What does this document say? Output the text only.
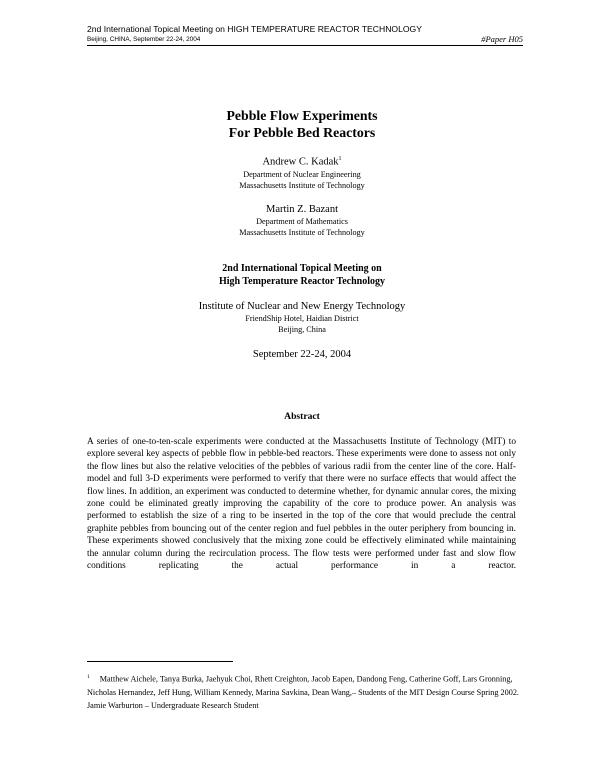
2nd International Topical Meeting on HIGH TEMPERATURE REACTOR TECHNOLOGY
Beijing, CHINA, September 22-24, 2004	#Paper H05
Pebble Flow Experiments
For Pebble Bed Reactors
Andrew C. Kadak$^1$
Department of Nuclear Engineering
Massachusetts Institute of Technology
Martin Z. Bazant
Department of Mathematics
Massachusetts Institute of Technology
2nd International Topical Meeting on
High Temperature Reactor Technology
Institute of Nuclear and New Energy Technology
FriendShip Hotel, Haidian District
Beijing, China
September 22-24, 2004
Abstract
A series of one-to-ten-scale experiments were conducted at the Massachusetts Institute of Technology (MIT) to explore several key aspects of pebble flow in pebble-bed reactors. These experiments were done to assess not only the flow lines but also the relative velocities of the pebbles of various radii from the center line of the core. Half-model and full 3-D experiments were performed to verify that there were no surface effects that would affect the flow lines. In addition, an experiment was conducted to determine whether, for dynamic annular cores, the mixing zone could be eliminated greatly improving the capability of the core to produce power. An analysis was performed to establish the size of a ring to be inserted in the top of the core that would preclude the central graphite pebbles from bouncing out of the center region and fuel pebbles in the outer periphery from bouncing in. These experiments showed conclusively that the mixing zone could be effectively eliminated while maintaining the annular column during the recirculation process. The flow tests were performed under fast and slow flow conditions replicating the actual performance in a reactor.
$^1$ Matthew Aichele, Tanya Burka, Jaehyuk Choi, Rhett Creighton, Jacob Eapen, Dandong Feng, Catherine Goff, Lars Gronning, Nicholas Hernandez, Jeff Hung, William Kennedy, Marina Savkina, Dean Wang,– Students of the MIT Design Course Spring 2002. Jamie Warburton – Undergraduate Research Student
